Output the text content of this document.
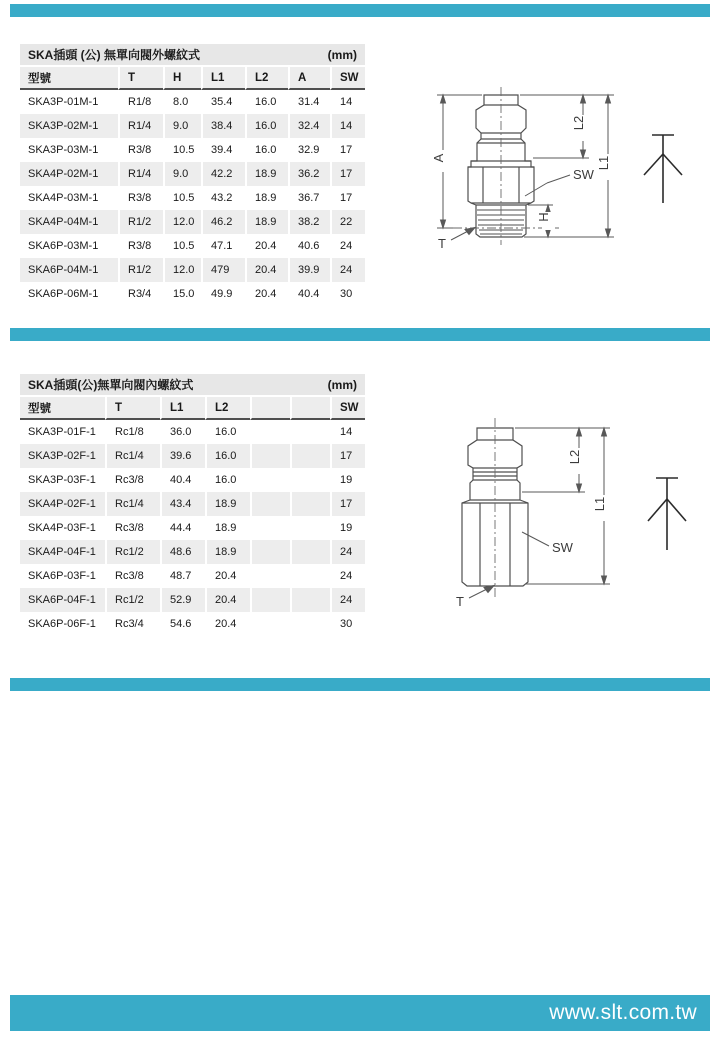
SKA插頭 (公) 無單向閥外螺紋式	(mm)
型號	T	H	L1	L2	A	SW
SKA3P-01M-1	R1/8	8.0	35.4	16.0	31.4	14
SKA3P-02M-1	R1/4	9.0	38.4	16.0	32.4	14
SKA3P-03M-1	R3/8	10.5	39.4	16.0	32.9	17
SKA4P-02M-1	R1/4	9.0	42.2	18.9	36.2	17
SKA4P-03M-1	R3/8	10.5	43.2	18.9	36.7	17
SKA4P-04M-1	R1/2	12.0	46.2	18.9	38.2	22
SKA6P-03M-1	R3/8	10.5	47.1	20.4	40.6	24
SKA6P-04M-1	R1/2	12.0	479	20.4	39.9	24
SKA6P-06M-1	R3/4	15.0	49.9	20.4	40.4	30
A
L2
L1
H
SW
T
SKA插頭(公)無單向閥內螺紋式	(mm)
型號	T	L1	L2			SW
SKA3P-01F-1	Rc1/8	36.0	16.0			14
SKA3P-02F-1	Rc1/4	39.6	16.0			17
SKA3P-03F-1	Rc3/8	40.4	16.0			19
SKA4P-02F-1	Rc1/4	43.4	18.9			17
SKA4P-03F-1	Rc3/8	44.4	18.9			19
SKA4P-04F-1	Rc1/2	48.6	18.9			24
SKA6P-03F-1	Rc3/8	48.7	20.4			24
SKA6P-04F-1	Rc1/2	52.9	20.4			24
SKA6P-06F-1	Rc3/4	54.6	20.4			30
L2
L1
SW
T
www.slt.com.tw
